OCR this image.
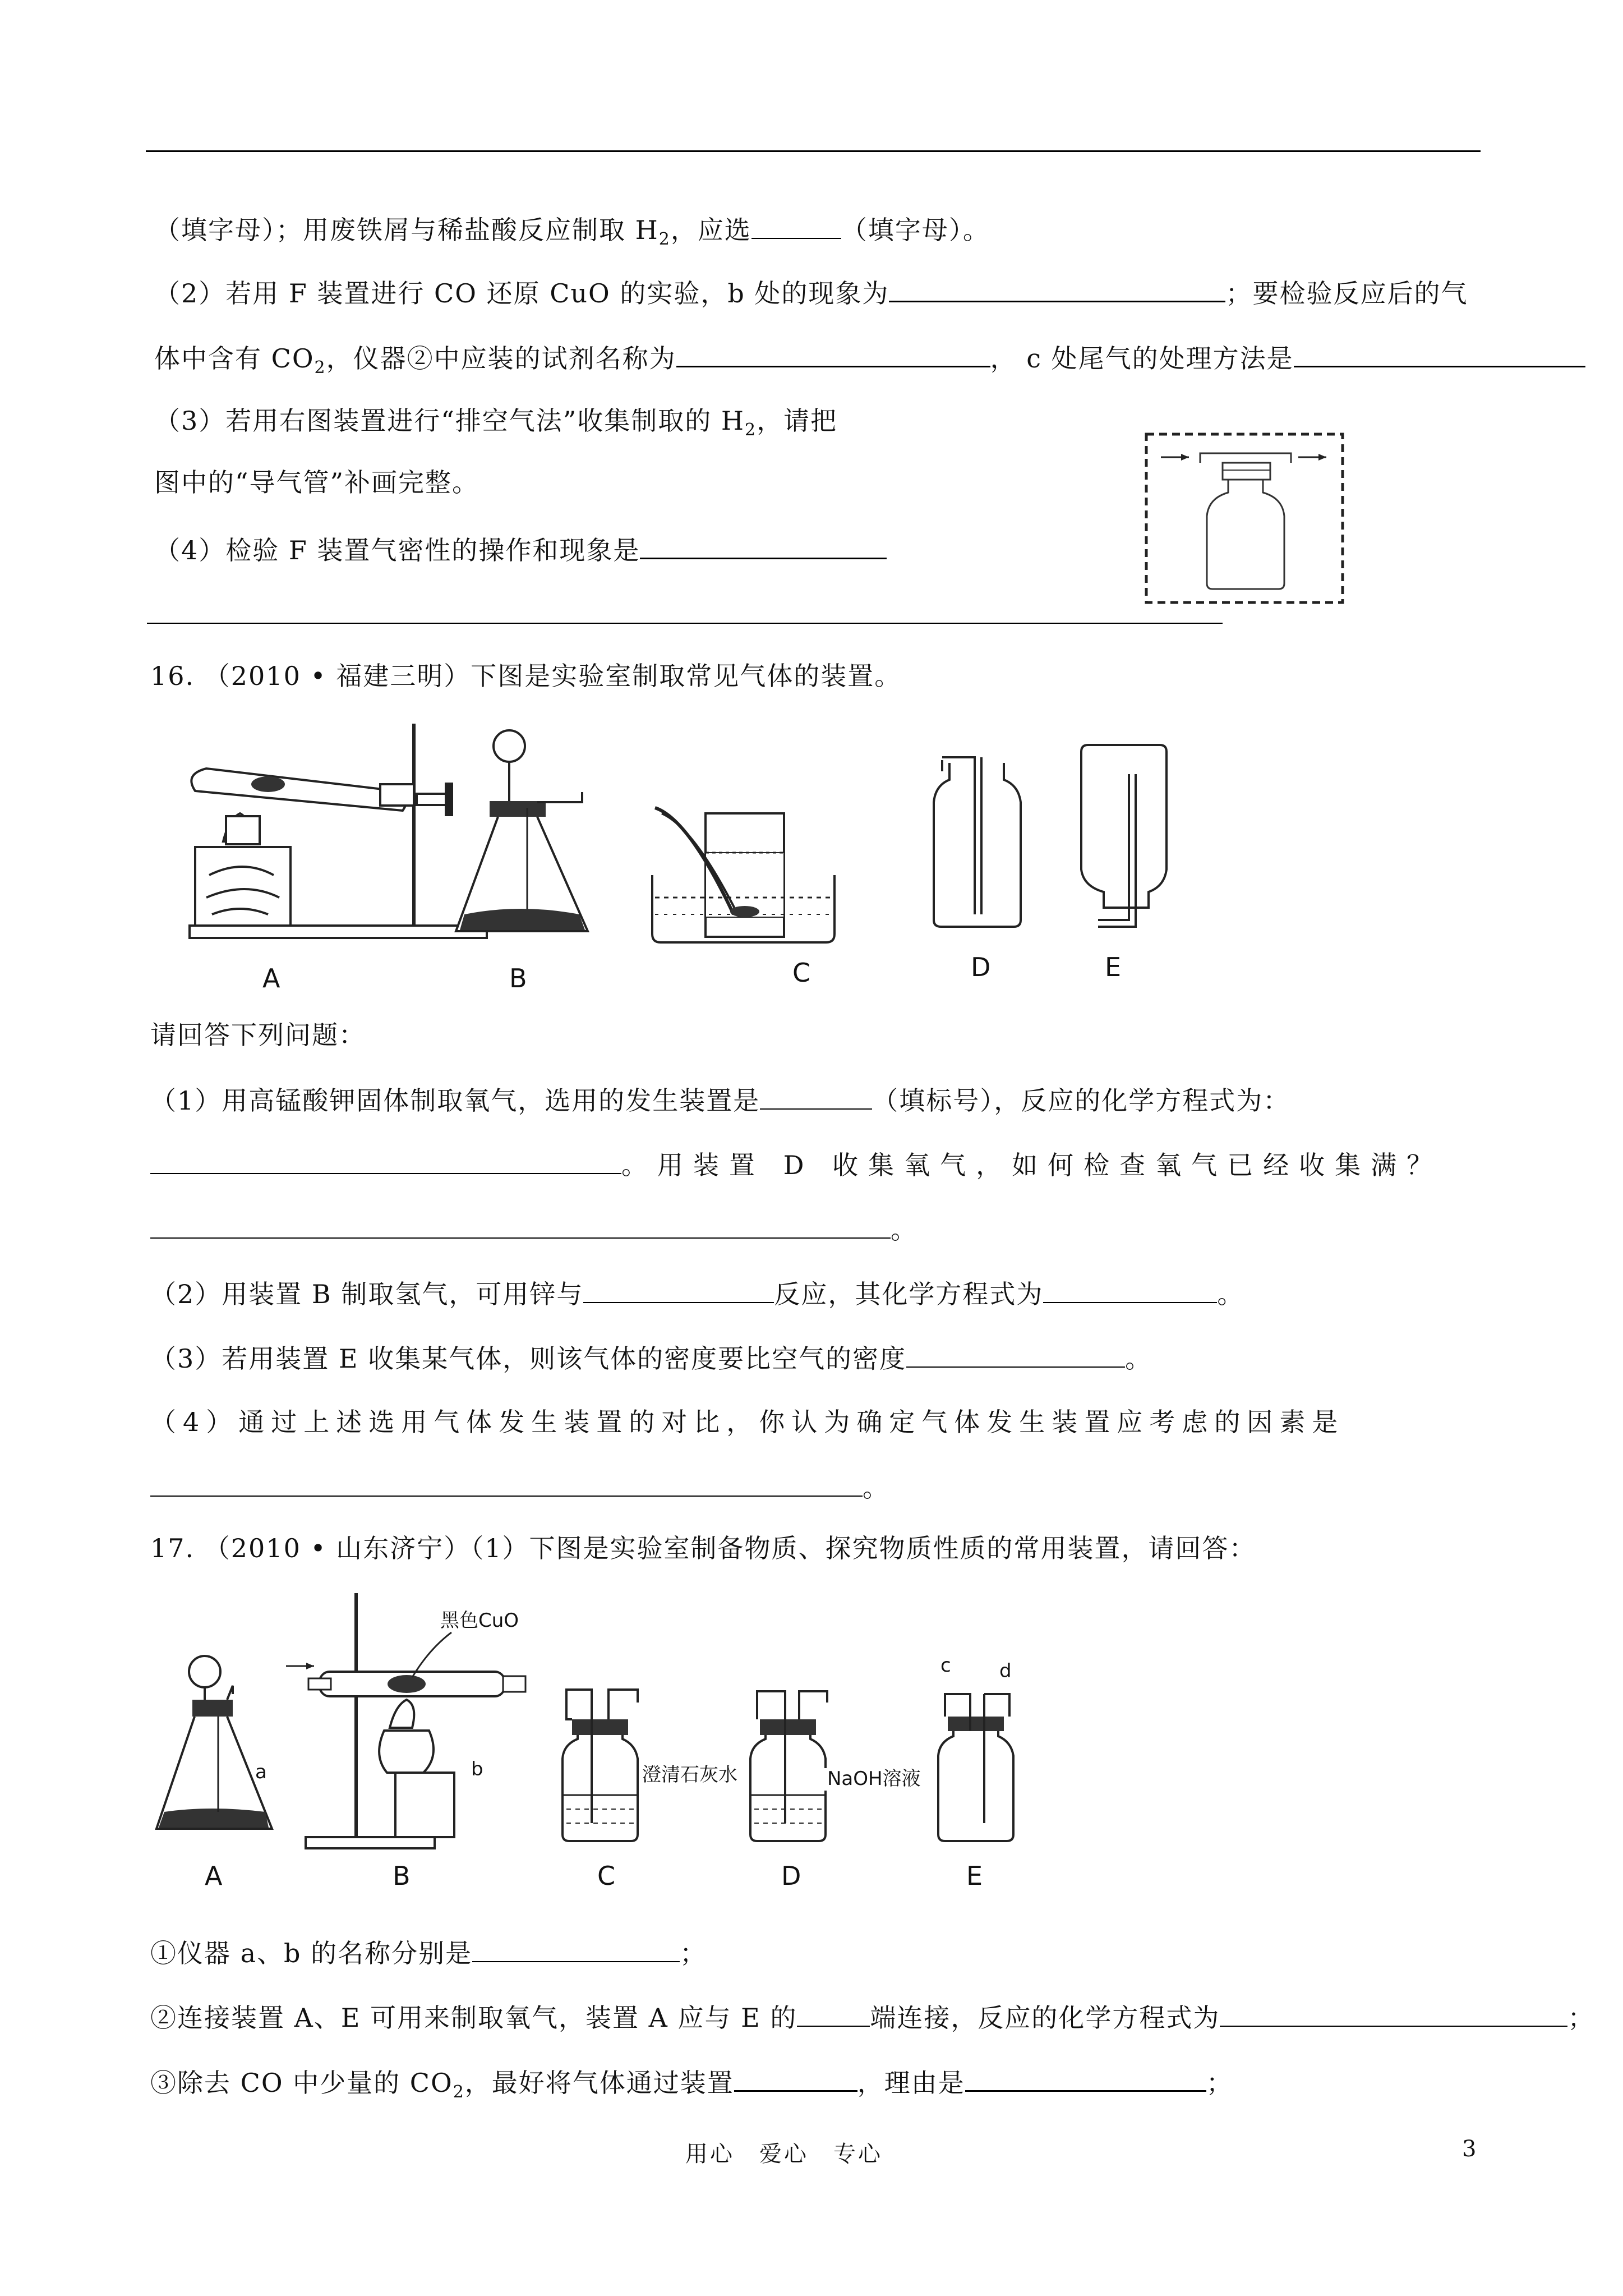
（填字母）；用废铁屑与稀盐酸反应制取 $H_2$，应选	（填字母）。
（2）若用 F 装置进行 CO 还原 CuO 的实验，b 处的现象为	；要检验反应后的气
体中含有 $CO_2$，仪器②中应装的试剂名称为	， c 处尾气的处理方法是
（3）若用右图装置进行“排空气法”收集制取的 $H_2$，请把
图中的“导气管”补画完整。
（4）检验 F 装置气密性的操作和现象是
16. （2010 • 福建三明）下图是实验室制取常见气体的装置。
A	B	C	D	E
请回答下列问题：
（1）用高锰酸钾固体制取氧气，选用的发生装置是	（填标号），反应的化学方程式为：
。用装置 D 收集氧气，如何检查氧气已经收集满？
。
（2）用装置 B 制取氢气，可用锌与	反应，其化学方程式为	。
（3）若用装置 E 收集某气体，则该气体的密度要比空气的密度	。
（4）通过上述选用气体发生装置的对比，你认为确定气体发生装置应考虑的因素是
。
17. （2010 • 山东济宁）（1）下图是实验室制备物质、探究物质性质的常用装置，请回答：
a
A
黑色CuO
b
B
澄清石灰水
C
NaOH溶液
D
c	d
E
①仪器 a、b 的名称分别是	；
②连接装置 A、E 可用来制取氧气，装置 A 应与 E 的	端连接，反应的化学方程式为	；
③除去 CO 中少量的 $CO_2$，最好将气体通过装置	，理由是	；
用心　爱心　专心	3
